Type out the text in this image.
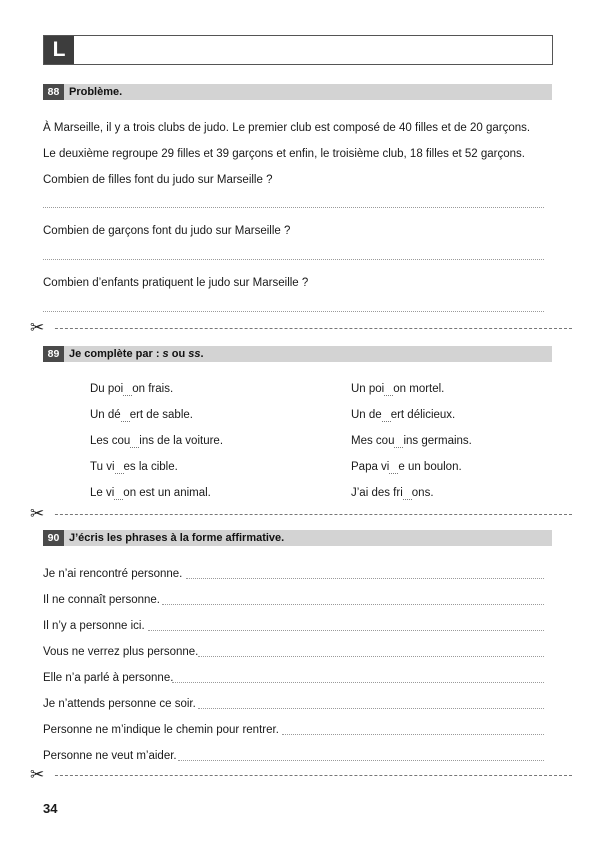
L
88 Problème.
À Marseille, il y a trois clubs de judo. Le premier club est composé de 40 filles et de 20 garçons.
Le deuxième regroupe 29 filles et 39 garçons et enfin, le troisième club, 18 filles et 52 garçons.
Combien de filles font du judo sur Marseille ?
Combien de garçons font du judo sur Marseille ?
Combien d’enfants pratiquent le judo sur Marseille ?
✂
89 Je complète par : s ou ss.
Du poi on frais.
Un dé ert de sable.
Les cou ins de la voiture.
Tu vi es la cible.
Le vi on est un animal.
Un poi on mortel.
Un de ert délicieux.
Mes cou ins germains.
Papa vi e un boulon.
J’ai des fri ons.
✂
90 J’écris les phrases à la forme affirmative.
Je n’ai rencontré personne.
Il ne connaît personne.
Il n’y a personne ici.
Vous ne verrez plus personne.
Elle n’a parlé à personne.
Je n’attends personne ce soir.
Personne ne m’indique le chemin pour rentrer.
Personne ne veut m’aider.
✂
34
